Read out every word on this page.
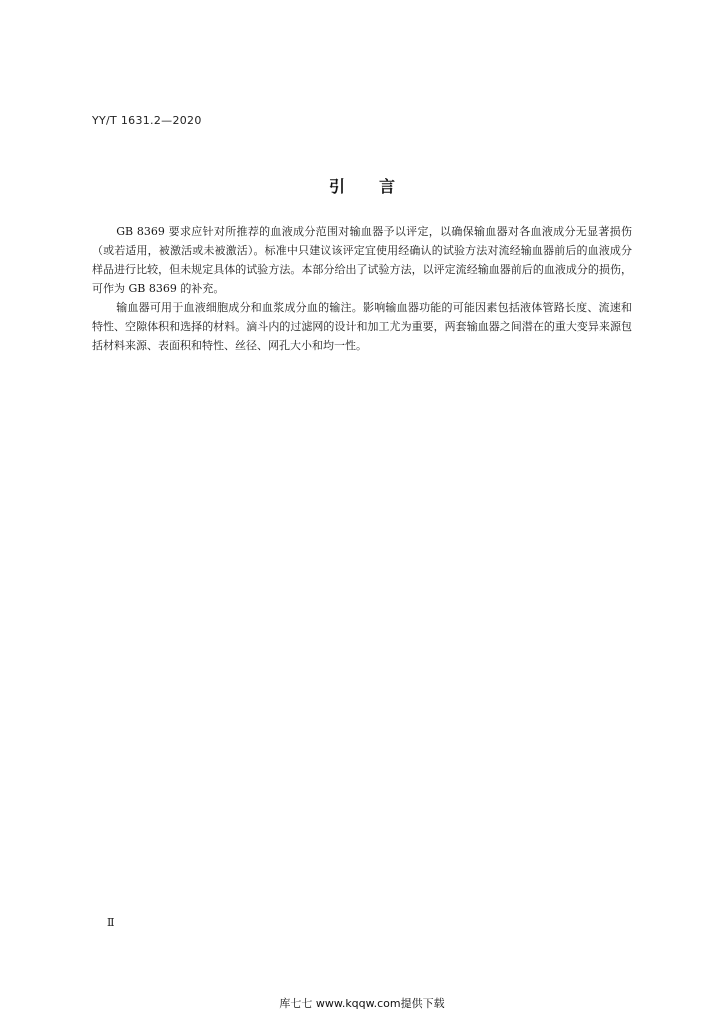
YY/T 1631.2—2020
引 言

GB 8369 要求应针对所推荐的血液成分范围对输血器予以评定，以确保输血器对各血液成分无显著损伤（或若适用，被激活或未被激活）。标准中只建议该评定宜使用经确认的试验方法对流经输血器前后的血液成分样品进行比较，但未规定具体的试验方法。本部分给出了试验方法，以评定流经输血器前后的血液成分的损伤，可作为 GB 8369 的补充。

输血器可用于血液细胞成分和血浆成分血的输注。影响输血器功能的可能因素包括液体管路长度、流速和特性、空隙体积和选择的材料。滴斗内的过滤网的设计和加工尤为重要，两套输血器之间潜在的重大变异来源包括材料来源、表面积和特性、丝径、网孔大小和均一性。

Ⅱ
库七七 www.kqqw.com提供下载
